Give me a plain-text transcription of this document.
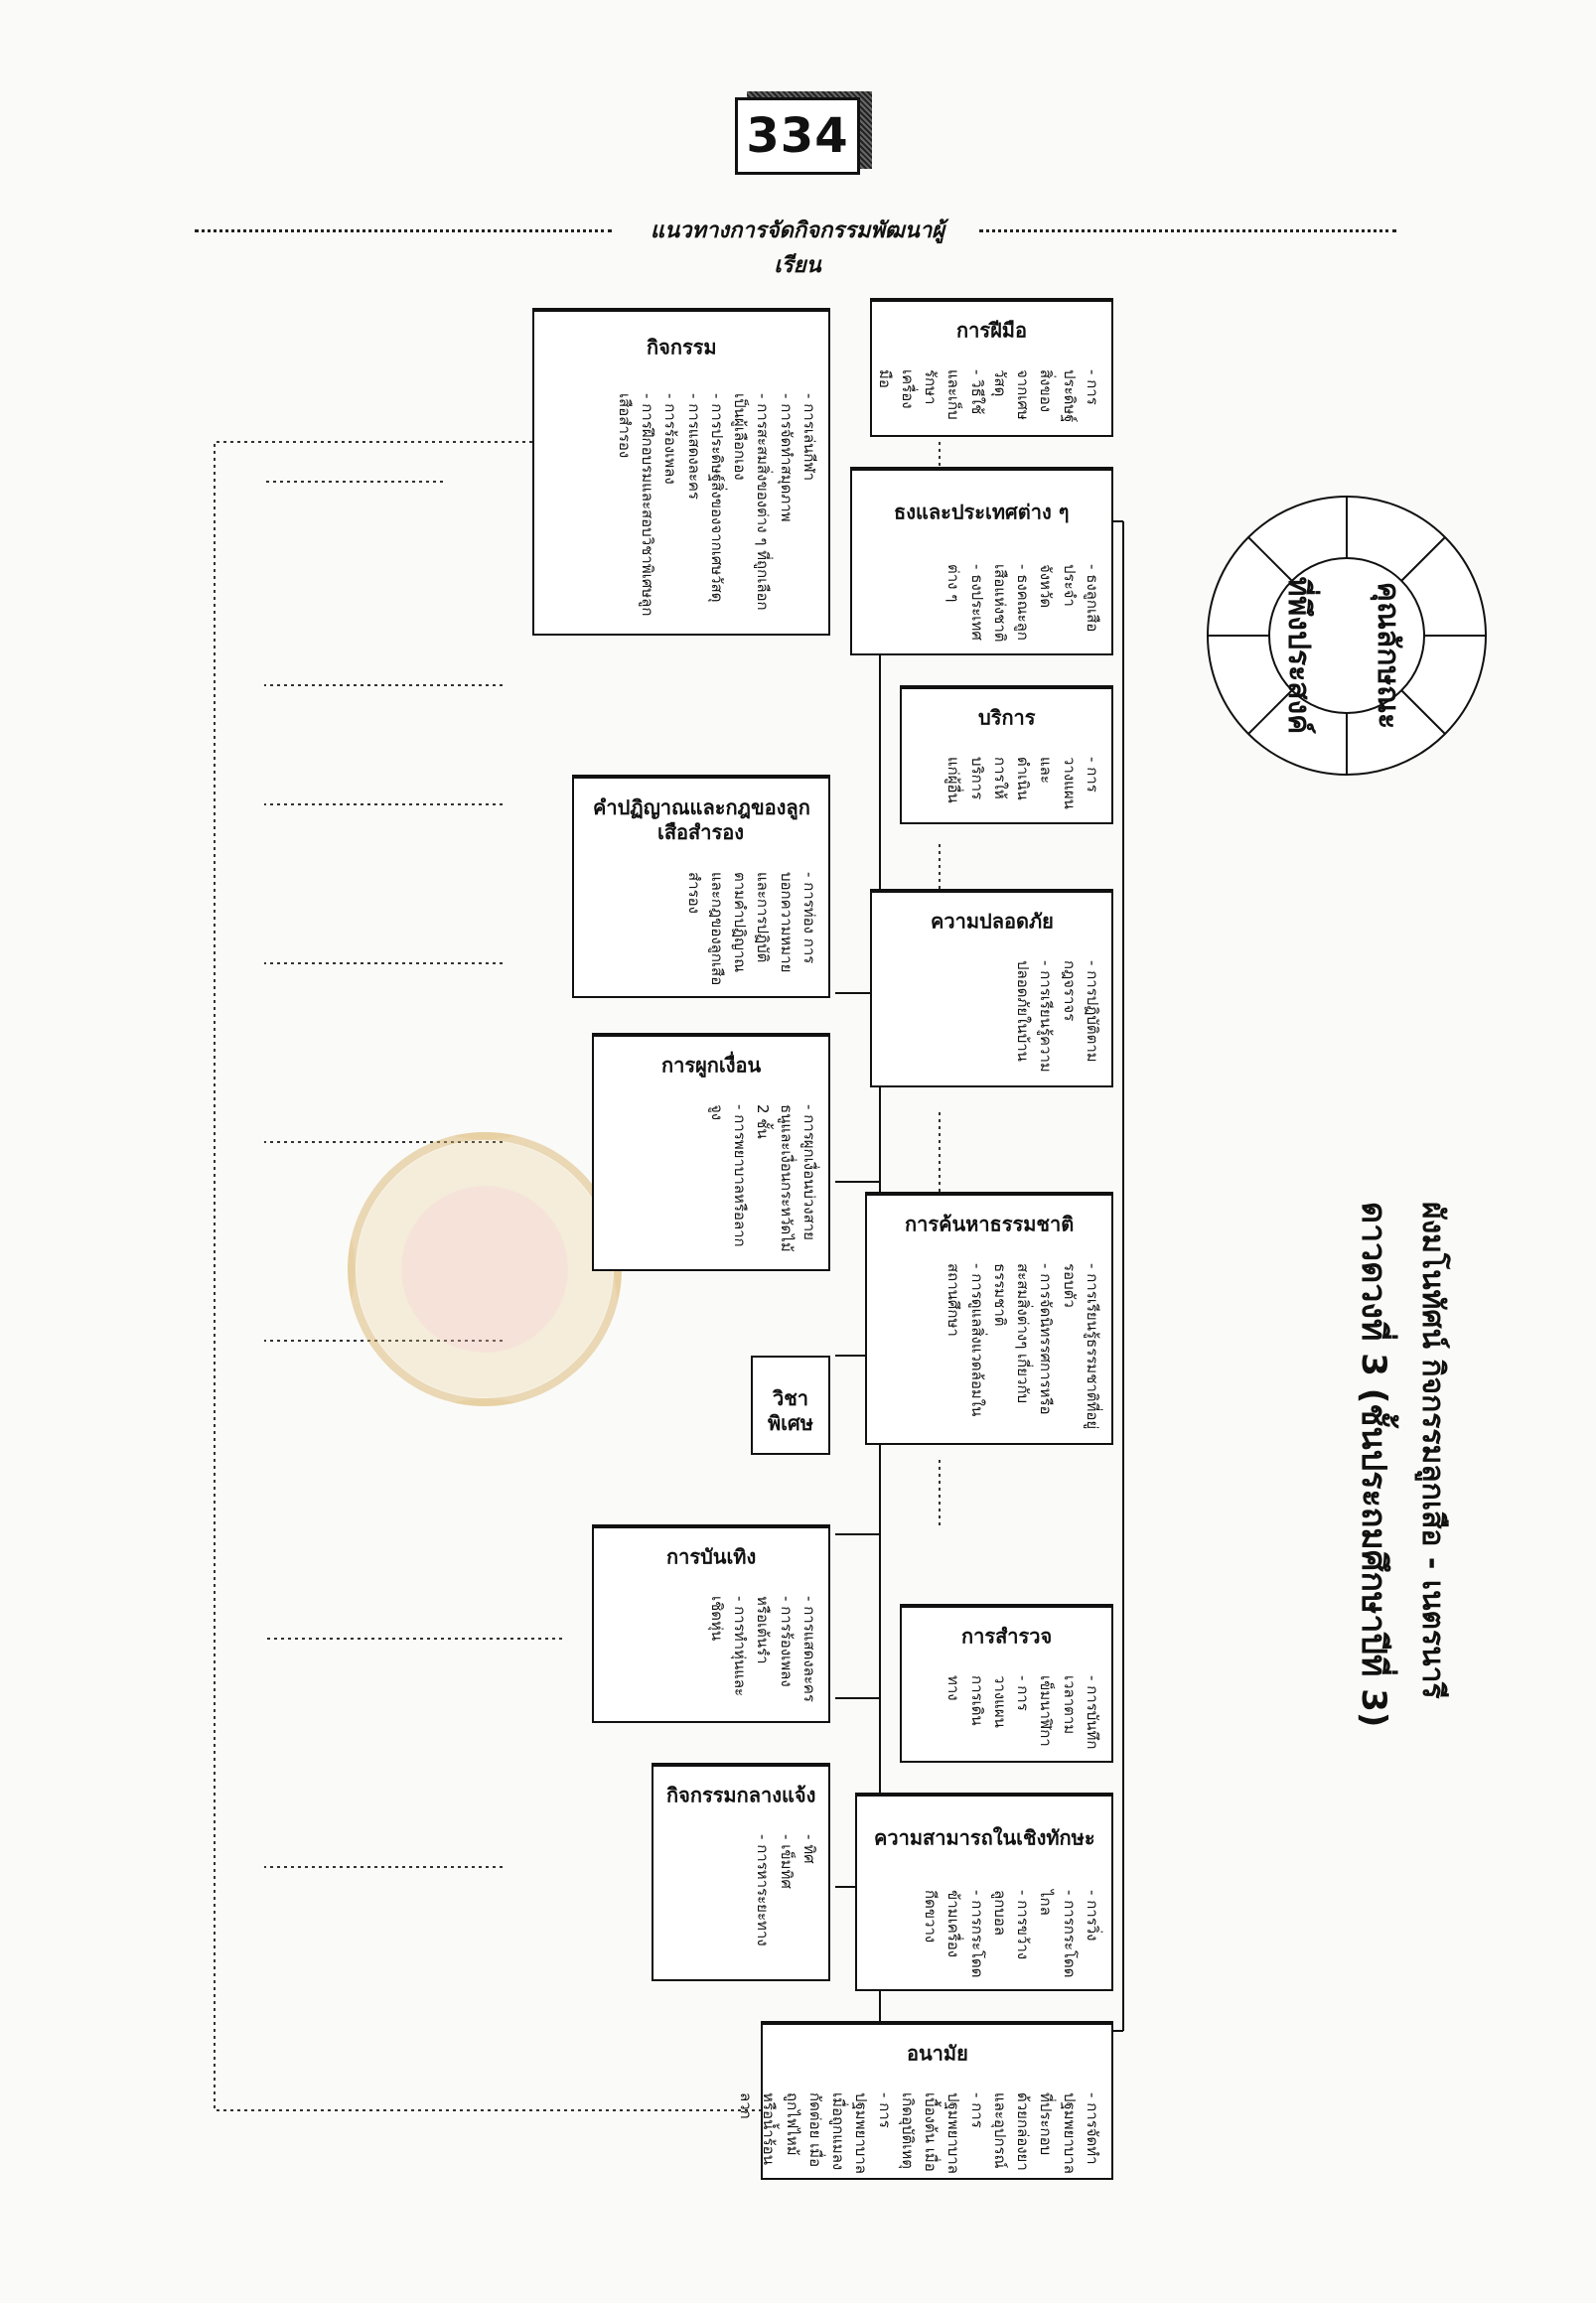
334
แนวทางการจัดกิจกรรมพัฒนาผู้เรียน
คุณลักษณะ
ที่พึงประสงค์
ผังมโนทัศน์ กิจกรรมลูกเสือ - เนตรนารี
ดาวดวงที่ 3 (ชั้นประถมศึกษาปีที่ 3)
อนามัย
- การจัดทำปฐมพยาบาลที่ประกอบด้วยกล่องยาและอุปกรณ์
- การปฐมพยาบาลเบื้องต้น เมื่อเกิดอุบัติเหตุ
- การปฐมพยาบาลเมื่อถูกแมลงกัดต่อย เมื่อถูกไฟไหม้หรือน้ำร้อนลวก
ความสามารถในเชิงทักษะ
- การวิ่ง
- การกระโดดไกล
- การขว้างลูกบอล
- การกระโดดข้ามเครื่องกีดขวาง
การสำรวจ
- การบันทึกเวลาตามเข็มนาฬิกา
- การวางแผนการเดินทาง
การค้นหาธรรมชาติ
- การเรียนรู้ธรรมชาติที่อยู่รอบตัว
- การจัดนิทรรศการหรือสะสมสิ่งต่างๆ เกี่ยวกับธรรมชาติ
- การดูแลสิ่งแวดล้อมในสถานศึกษา
ความปลอดภัย
- การปฏิบัติตามกฎจราจร
- การเรียนรู้ความปลอดภัยในบ้าน
บริการ
- การวางแผนและดำเนินการให้บริการแก่ผู้อื่น
ธงและประเทศต่าง ๆ
- ธงลูกเสือประจำจังหวัด
- ธงคณะลูกเสือแห่งชาติ
- ธงประเทศต่าง ๆ
การฝีมือ
- การประดิษฐ์สิ่งของจากเศษวัสดุ
- วิธีใช้และเก็บรักษาเครื่องมือ
กิจกรรมกลางแจ้ง
- ทิศ
- เข็มทิศ
- การหาระยะทาง
การบันเทิง
- การแสดงละคร
- การร้องเพลงหรือเต้นรำ
- การทำหุ่นและเชิดหุ่น
วิชาพิเศษ
การผูกเงื่อน
- การผูกเงื่อนบ่วงสายธนูและเงื่อนกระหวัดไม้ 2 ชั้น
- การพยาบาลหรือลากจูง
คำปฏิญาณและกฎของลูกเสือสำรอง
- การท่อง การบอกความหมายและการปฏิบัติตามคำปฏิญาณและกฎของลูกเสือสำรอง
กิจกรรม
- การเล่นกีฬา
- การจัดทำสมุดภาพ
- การสะสมสิ่งของต่าง ๆ ที่ถูกเลือกเป็นผู้เลือกเอง
- การประดิษฐ์สิ่งของจากเศษวัสดุ
- การแสดงละคร
- การร้องเพลง
- การฝึกอบรมและสอบวิชาพิเศษลูกเสือสำรอง
